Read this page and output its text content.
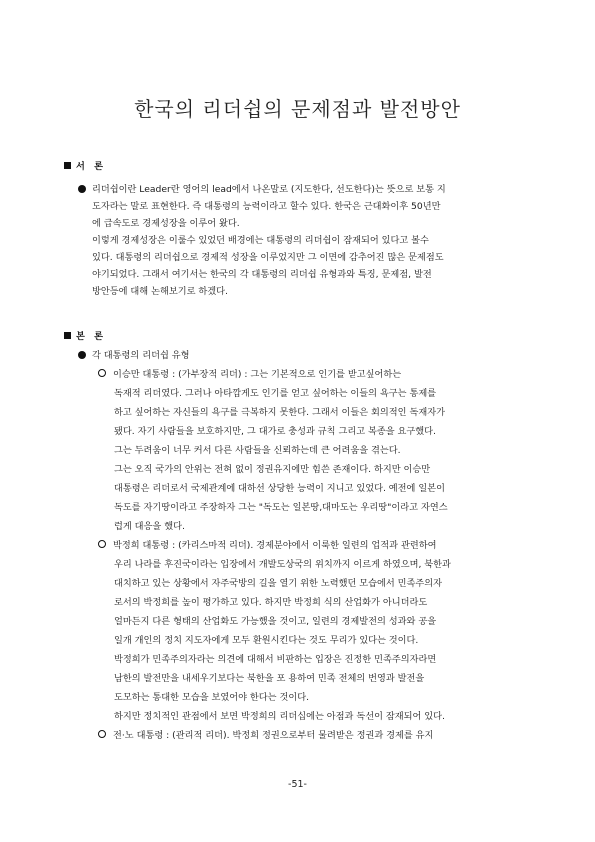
한국의 리더쉽의 문제점과 발전방안
서 론
리더쉽이란 Leader란 영어의 lead에서 나온말로 (지도한다, 선도한다)는 뜻으로 보통 지
도자라는 말로 표현한다. 즉 대통령의 능력이라고 할수 있다. 한국은 근대화이후 50년만
에 급속도로 경제성장을 이루어 왔다.
이렇게 경제성장은 이룰수 있었던 배경에는 대통령의 리더쉽이 잠재되어 있다고 볼수
있다. 대통령의 리더쉽으로 경제적 성장을 이루었지만 그 이면에 감추어진 많은 문제점도
야기되었다. 그래서 여기서는 한국의 각 대통령의 리더쉽 유형과와 특징, 문제점, 발전
방안등에 대해 논해보기로 하겠다.
본 론
각 대통령의 리더쉽 유형
이승만 대통령 : (가부장적 리더) : 그는 기본적으로 인기를 받고싶어하는
독재적 리더였다. 그러나 아타깝게도 인기를 얻고 싶어하는 이들의 욕구는 통제를
하고 싶어하는 자신들의 욕구를 극복하지 못한다. 그래서 이들은 회의적인 독재자가
됐다. 자기 사람들을 보호하지만, 그 대가로 충성과 규칙 그리고 복종을 요구했다.
그는 두려움이 너무 커서 다른 사람들을 신뢰하는데 큰 어려움을 겪는다.
그는 오직 국가의 안위는 전혀 없이 정권유지에만 힘쓴 존재이다. 하지만 이승만
대통령은 리더로서 국제관계에 대하선 상당한 능력이 지니고 있었다. 예전에 일본이
독도를 자기땅이라고 주장하자 그는 "독도는 일본땅,대마도는 우리땅"이라고 자연스
럽게 대응을 했다.
박정희 대통령 : (카리스마적 리더). 경제분야에서 이룩한 일련의 업적과 관련하여
우리 나라를 후진국이라는 입장에서 개발도상국의 위치까지 이르게 하였으며, 북한과
대치하고 있는 상황에서 자주국방의 길을 열기 위한 노력했던 모습에서 민족주의자
로서의 박정희를 높이 평가하고 있다. 하지만 박정희 식의 산업화가 아니더라도
얼마든지 다른 형태의 산업화도 가능했을 것이고, 일련의 경제발전의 성과와 공을
일개 개인의 정치 지도자에게 모두 환원시킨다는 것도 무리가 있다는 것이다.
박정희가 민족주의자라는 의견에 대해서 비판하는 입장은 진정한 민족주의자라면
남한의 발전만을 내세우기보다는 북한을 포 용하여 민족 전체의 번영과 발전을
도모하는 통대한 모습을 보였어야 한다는 것이다.
하지만 정치적인 관점에서 보면 박정희의 리더십에는 아점과 독선이 잠재되어 있다.
전·노 대통령 : (관리적 리더). 박정희 정권으로부터 물려받은 정권과 경제를 유지
-51-
